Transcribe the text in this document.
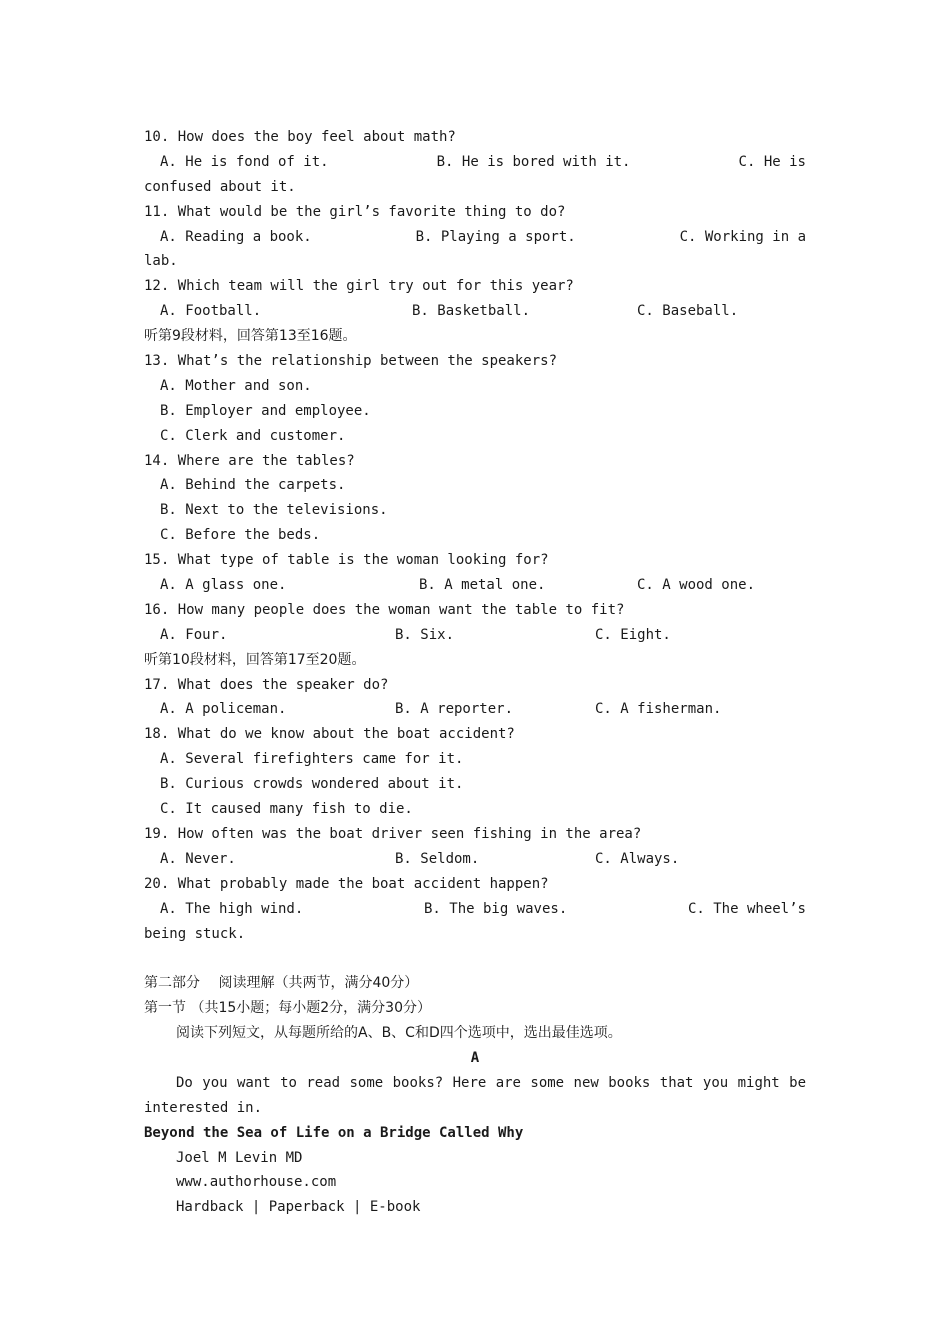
10. How does the boy feel about math?
A. He is fond of it.	B. He is bored with it.	C. He is
confused about it.
11. What would be the girl’s favorite thing to do?
A. Reading a book.	B. Playing a sport.	C. Working in a
lab.
12. Which team will the girl try out for this year?
A. Football.	B. Basketball.	C. Baseball.
听第9段材料，回答第13至16题。
13. What’s the relationship between the speakers?
A. Mother and son.
B. Employer and employee.
C. Clerk and customer.
14. Where are the tables?
A. Behind the carpets.
B. Next to the televisions.
C. Before the beds.
15. What type of table is the woman looking for?
A. A glass one.	B. A metal one.	C. A wood one.
16. How many people does the woman want the table to fit?
A. Four.	B. Six.	C. Eight.
听第10段材料，回答第17至20题。
17. What does the speaker do?
A. A policeman.	B. A reporter.	C. A fisherman.
18. What do we know about the boat accident?
A. Several firefighters came for it.
B. Curious crowds wondered about it.
C. It caused many fish to die.
19. How often was the boat driver seen fishing in the area?
A. Never.	B. Seldom.	C. Always.
20. What probably made the boat accident happen?
A. The high wind.	B. The big waves.	C. The wheel’s
being stuck.
第二部分　 阅读理解（共两节，满分40分）
第一节 （共15小题；每小题2分，满分30分）
阅读下列短文，从每题所给的A、B、C和D四个选项中，选出最佳选项。
A
Do you want to read some books? Here are some new books that you might be interested in.
Beyond the Sea of Life on a Bridge Called Why
Joel M Levin MD
www.authorhouse.com
Hardback | Paperback | E-book
